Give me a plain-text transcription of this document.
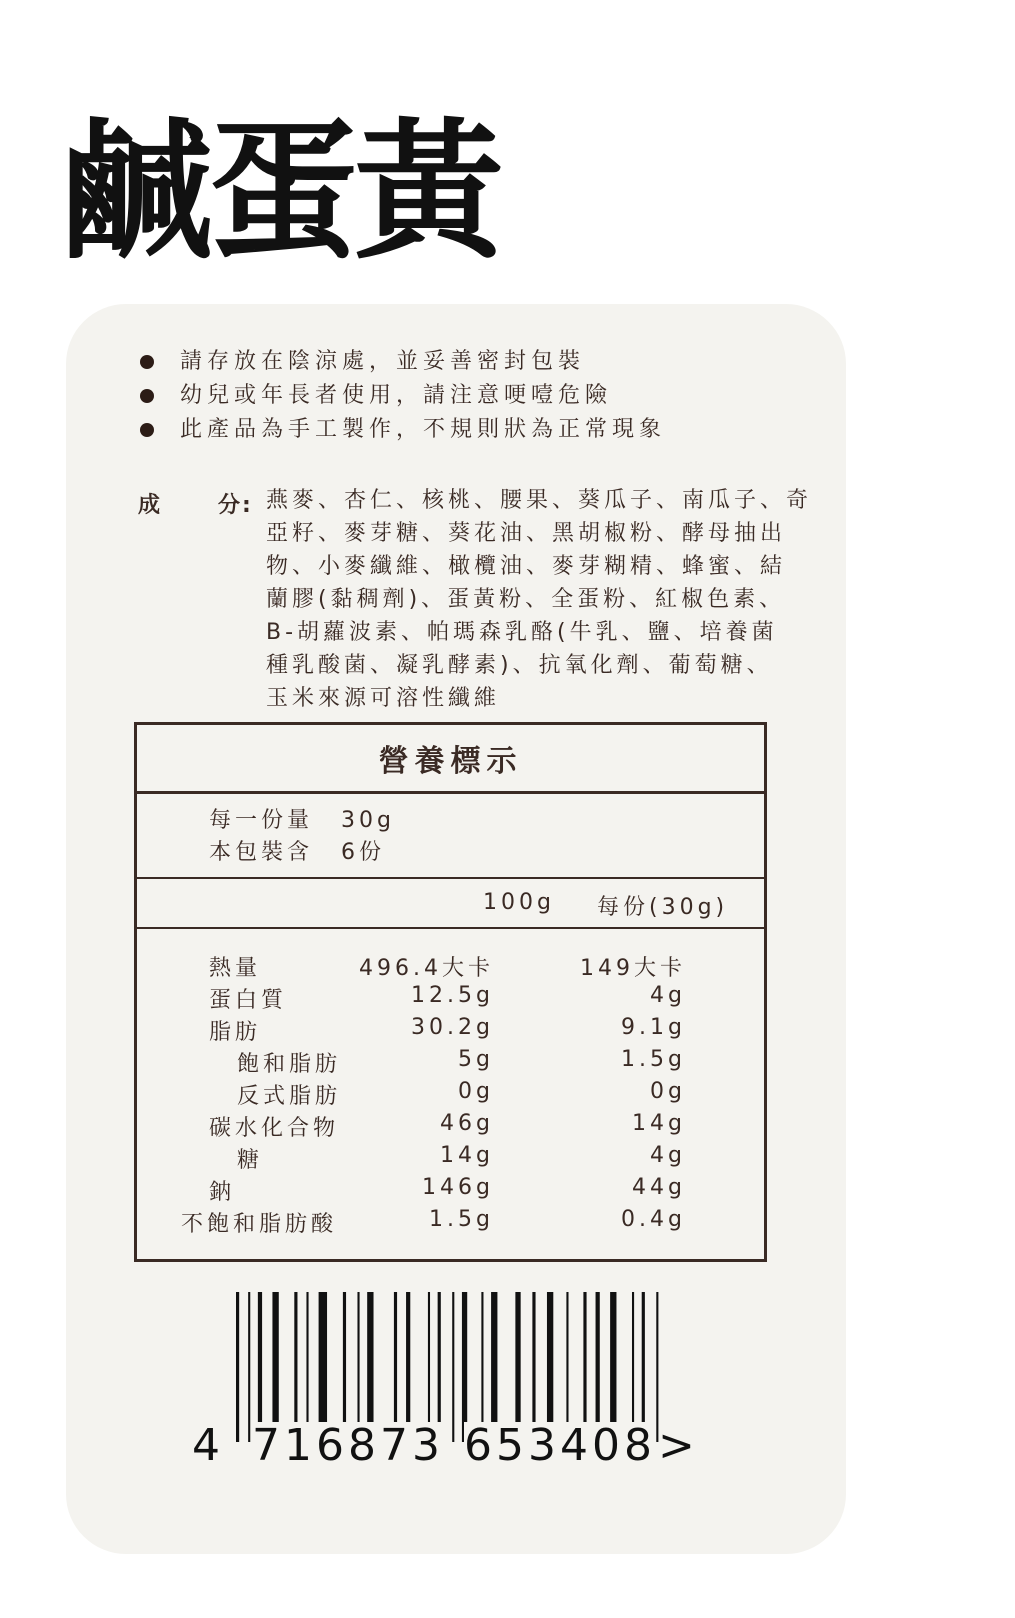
鹹蛋黃
請存放在陰涼處，並妥善密封包裝
幼兒或年長者使用，請注意哽噎危險
此產品為手工製作，不規則狀為正常現象
成	分: 燕麥、杏仁、核桃、腰果、葵瓜子、南瓜子、奇
亞籽、麥芽糖、葵花油、黑胡椒粉、酵母抽出
物、小麥纖維、橄欖油、麥芽糊精、蜂蜜、結
蘭膠(黏稠劑)、蛋黃粉、全蛋粉、紅椒色素、
B-胡蘿波素、帕瑪森乳酪(牛乳、鹽、培養菌
種乳酸菌、凝乳酵素)、抗氧化劑、葡萄糖、
玉米來源可溶性纖維
營養標示
每一份量	30g
本包裝含	6份
100g 每份(30g)
熱量	496.4大卡	149大卡
蛋白質	12.5g	4g
脂肪	30.2g	9.1g
飽和脂肪	5g	1.5g
反式脂肪	0g	0g
碳水化合物	46g	14g
糖	14g	4g
鈉	146g	44g
不飽和脂肪酸	1.5g	0.4g
4 716873 653408 >
